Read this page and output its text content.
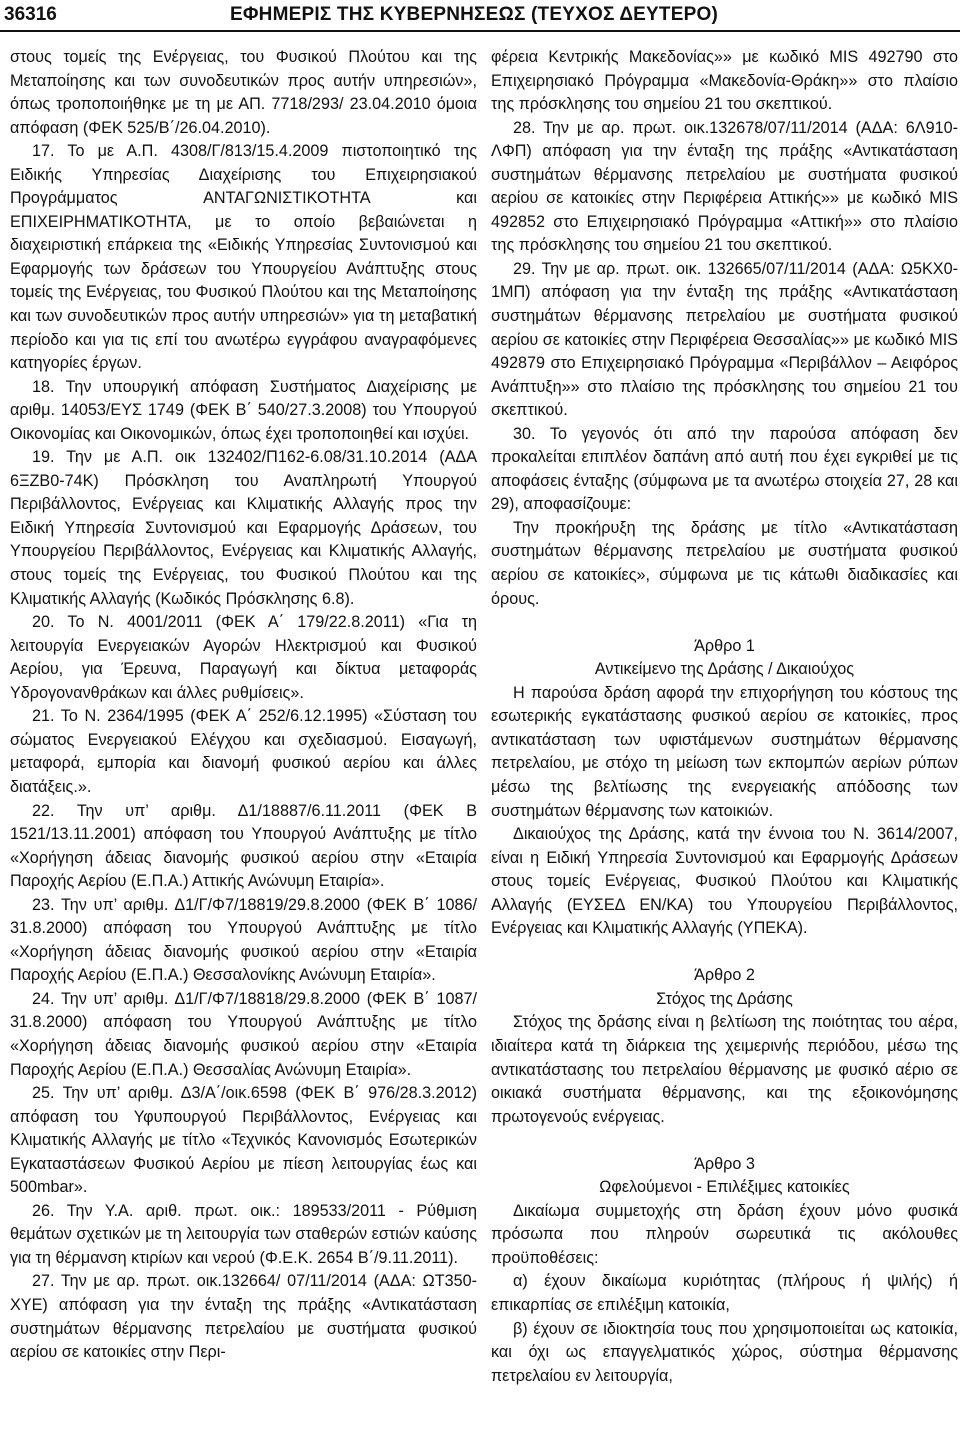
36316	ΕΦΗΜΕΡΙΣ ΤΗΣ ΚΥΒΕΡΝΗΣΕΩΣ (ΤΕΥΧΟΣ ΔΕΥΤΕΡΟ)

στους τομείς της Ενέργειας, του Φυσικού Πλούτου και της Μεταποίησης και των συνοδευτικών προς αυτήν υπηρεσιών», όπως τροποποιήθηκε με τη με ΑΠ. 7718/293/ 23.04.2010 όμοια απόφαση (ΦΕΚ 525/Β΄/26.04.2010).

17. Το με Α.Π. 4308/Γ/813/15.4.2009 πιστοποιητικό της Ειδικής Υπηρεσίας Διαχείρισης του Επιχειρησιακού Προγράμματος ΑΝΤΑΓΩΝΙΣΤΙΚΟΤΗΤΑ και ΕΠΙΧΕΙΡΗΜΑΤΙΚΟΤΗΤΑ, με το οποίο βεβαιώνεται η διαχειριστική επάρκεια της «Ειδικής Υπηρεσίας Συντονισμού και Εφαρμογής των δράσεων του Υπουργείου Ανάπτυξης στους τομείς της Ενέργειας, του Φυσικού Πλούτου και της Μεταποίησης και των συνοδευτικών προς αυτήν υπηρεσιών» για τη μεταβατική περίοδο και για τις επί του ανωτέρω εγγράφου αναγραφόμενες κατηγορίες έργων.

18. Την υπουργική απόφαση Συστήματος Διαχείρισης με αριθμ. 14053/ΕΥΣ 1749 (ΦΕΚ Β΄ 540/27.3.2008) του Υπουργού Οικονομίας και Οικονομικών, όπως έχει τροποποιηθεί και ισχύει.

19. Την με Α.Π. οικ 132402/Π162-6.08/31.10.2014 (ΑΔΑ 6ΞΖΒ0-74Κ) Πρόσκληση του Αναπληρωτή Υπουργού Περιβάλλοντος, Ενέργειας και Κλιματικής Αλλαγής προς την Ειδική Υπηρεσία Συντονισμού και Εφαρμογής Δράσεων, του Υπουργείου Περιβάλλοντος, Ενέργειας και Κλιματικής Αλλαγής, στους τομείς της Ενέργειας, του Φυσικού Πλούτου και της Κλιματικής Αλλαγής (Κωδικός Πρόσκλησης 6.8).

20. Το Ν. 4001/2011 (ΦΕΚ Α΄ 179/22.8.2011) «Για τη λειτουργία Ενεργειακών Αγορών Ηλεκτρισμού και Φυσικού Αερίου, για Έρευνα, Παραγωγή και δίκτυα μεταφοράς Υδρογονανθράκων και άλλες ρυθμίσεις».

21. Το Ν. 2364/1995 (ΦΕΚ Α΄ 252/6.12.1995) «Σύσταση του σώματος Ενεργειακού Ελέγχου και σχεδιασμού. Εισαγωγή, μεταφορά, εμπορία και διανομή φυσικού αερίου και άλλες διατάξεις.».

22. Την υπ’ αριθμ. Δ1/18887/6.11.2011 (ΦΕΚ Β 1521/13.11.2001) απόφαση του Υπουργού Ανάπτυξης με τίτλο «Χορήγηση άδειας διανομής φυσικού αερίου στην «Εταιρία Παροχής Αερίου (Ε.Π.Α.) Αττικής Ανώνυμη Εταιρία».

23. Την υπ’ αριθμ. Δ1/Γ/Φ7/18819/29.8.2000 (ΦΕΚ Β΄ 1086/ 31.8.2000) απόφαση του Υπουργού Ανάπτυξης με τίτλο «Χορήγηση άδειας διανομής φυσικού αερίου στην «Εταιρία Παροχής Αερίου (Ε.Π.Α.) Θεσσαλονίκης Ανώνυμη Εταιρία».

24. Την υπ’ αριθμ. Δ1/Γ/Φ7/18818/29.8.2000 (ΦΕΚ Β΄ 1087/ 31.8.2000) απόφαση του Υπουργού Ανάπτυξης με τίτλο «Χορήγηση άδειας διανομής φυσικού αερίου στην «Εταιρία Παροχής Αερίου (Ε.Π.Α.) Θεσσαλίας Ανώνυμη Εταιρία».

25. Την υπ’ αριθμ. Δ3/Α΄/οικ.6598 (ΦΕΚ Β΄ 976/28.3.2012) απόφαση του Υφυπουργού Περιβάλλοντος, Ενέργειας και Κλιματικής Αλλαγής με τίτλο «Τεχνικός Κανονισμός Εσωτερικών Εγκαταστάσεων Φυσικού Αερίου με πίεση λειτουργίας έως και 500mbar».

26. Την Υ.Α. αριθ. πρωτ. οικ.: 189533/2011 - Ρύθμιση θεμάτων σχετικών με τη λειτουργία των σταθερών εστιών καύσης για τη θέρμανση κτιρίων και νερού (Φ.Ε.Κ. 2654 Β΄/9.11.2011).

27. Την με αρ. πρωτ. οικ.132664/ 07/11/2014 (ΑΔΑ: ΩΤ350-ΧΥΕ) απόφαση για την ένταξη της πράξης «Αντικατάσταση συστημάτων θέρμανσης πετρελαίου με συστήματα φυσικού αερίου σε κατοικίες στην Περι-

φέρεια Κεντρικής Μακεδονίας»» με κωδικό MIS 492790 στο Επιχειρησιακό Πρόγραμμα «Μακεδονία-Θράκη»» στο πλαίσιο της πρόσκλησης του σημείου 21 του σκεπτικού.

28. Την με αρ. πρωτ. οικ.132678/07/11/2014 (ΑΔΑ: 6Λ910-ΛΦΠ) απόφαση για την ένταξη της πράξης «Αντικατάσταση συστημάτων θέρμανσης πετρελαίου με συστήματα φυσικού αερίου σε κατοικίες στην Περιφέρεια Αττικής»» με κωδικό MIS 492852 στο Επιχειρησιακό Πρόγραμμα «Αττική»» στο πλαίσιο της πρόσκλησης του σημείου 21 του σκεπτικού.

29. Την με αρ. πρωτ. οικ. 132665/07/11/2014 (ΑΔΑ: Ω5ΚΧ0-1ΜΠ) απόφαση για την ένταξη της πράξης «Αντικατάσταση συστημάτων θέρμανσης πετρελαίου με συστήματα φυσικού αερίου σε κατοικίες στην Περιφέρεια Θεσσαλίας»» με κωδικό MIS 492879 στο Επιχειρησιακό Πρόγραμμα «Περιβάλλον – Αειφόρος Ανάπτυξη»» στο πλαίσιο της πρόσκλησης του σημείου 21 του σκεπτικού.

30. Το γεγονός ότι από την παρούσα απόφαση δεν προκαλείται επιπλέον δαπάνη από αυτή που έχει εγκριθεί με τις αποφάσεις ένταξης (σύμφωνα με τα ανωτέρω στοιχεία 27, 28 και 29), αποφασίζουμε:

Την προκήρυξη της δράσης με τίτλο «Αντικατάσταση συστημάτων θέρμανσης πετρελαίου με συστήματα φυσικού αερίου σε κατοικίες», σύμφωνα με τις κάτωθι διαδικασίες και όρους.

Άρθρο 1

Αντικείμενο της Δράσης / Δικαιούχος

Η παρούσα δράση αφορά την επιχορήγηση του κόστους της εσωτερικής εγκατάστασης φυσικού αερίου σε κατοικίες, προς αντικατάσταση των υφιστάμενων συστημάτων θέρμανσης πετρελαίου, με στόχο τη μείωση των εκπομπών αερίων ρύπων μέσω της βελτίωσης της ενεργειακής απόδοσης των συστημάτων θέρμανσης των κατοικιών.

Δικαιούχος της Δράσης, κατά την έννοια του Ν. 3614/2007, είναι η Ειδική Υπηρεσία Συντονισμού και Εφαρμογής Δράσεων στους τομείς Ενέργειας, Φυσικού Πλούτου και Κλιματικής Αλλαγής (ΕΥΣΕΔ ΕΝ/ΚΑ) του Υπουργείου Περιβάλλοντος, Ενέργειας και Κλιματικής Αλλαγής (ΥΠΕΚΑ).

Άρθρο 2

Στόχος της Δράσης

Στόχος της δράσης είναι η βελτίωση της ποιότητας του αέρα, ιδιαίτερα κατά τη διάρκεια της χειμερινής περιόδου, μέσω της αντικατάστασης του πετρελαίου θέρμανσης με φυσικό αέριο σε οικιακά συστήματα θέρμανσης, και της εξοικονόμησης πρωτογενούς ενέργειας.

Άρθρο 3

Ωφελούμενοι - Επιλέξιμες κατοικίες

Δικαίωμα συμμετοχής στη δράση έχουν μόνο φυσικά πρόσωπα που πληρούν σωρευτικά τις ακόλουθες προϋποθέσεις:

α) έχουν δικαίωμα κυριότητας (πλήρους ή ψιλής) ή επικαρπίας σε επιλέξιμη κατοικία,

β) έχουν σε ιδιοκτησία τους που χρησιμοποιείται ως κατοικία, και όχι ως επαγγελματικός χώρος, σύστημα θέρμανσης πετρελαίου εν λειτουργία,
